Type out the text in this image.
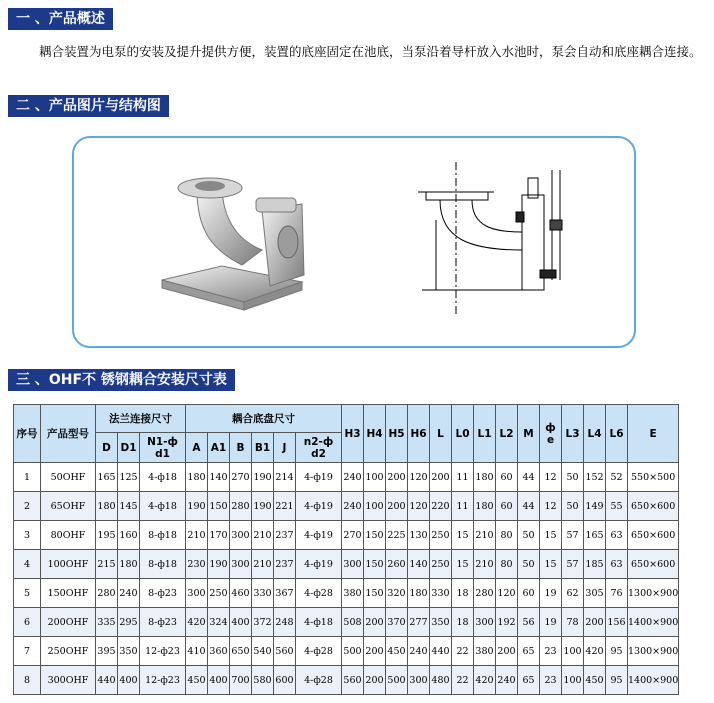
一 、产品概述
　　耦合装置为电泵的安装及提升提供方便，装置的底座固定在池底，当泵沿着导杆放入水池时，泵会自动和底座耦合连接。
二 、产品图片与结构图
三 、OHF不 锈钢耦合安装尺寸表
序号	产品型号	法兰连接尺寸			耦合底盘尺寸						H3	H4	H5	H6	L	L0	L1	L2	M	ф e	L3	L4	L6	E
		D	D1	N1-ф d1	A	A1	B	B1	J	n2-ф d2														
1	50OHF	165	125	4-ф18	180	140	270	190	214	4-ф19	240	100	200	120	200	11	180	60	44	12	50	152	52	550×500
2	65OHF	180	145	4-ф18	190	150	280	190	221	4-ф19	240	100	200	120	220	11	180	60	44	12	50	149	55	650×600
3	80OHF	195	160	8-ф18	210	170	300	210	237	4-ф19	270	150	225	130	250	15	210	80	50	15	57	165	63	650×600
4	100OHF	215	180	8-ф18	230	190	300	210	237	4-ф19	300	150	260	140	250	15	210	80	50	15	57	185	63	650×600
5	150OHF	280	240	8-ф23	300	250	460	330	367	4-ф28	380	150	320	180	330	18	280	120	60	19	62	305	76	1300×900
6	200OHF	335	295	8-ф23	420	324	400	372	248	4-ф18	508	200	370	277	350	18	300	192	56	19	78	200	156	1400×900
7	250OHF	395	350	12-ф23	410	360	650	540	560	4-ф28	500	200	450	240	440	22	380	200	65	23	100	420	95	1300×900
8	300OHF	440	400	12-ф23	450	400	700	580	600	4-ф28	560	200	500	300	480	22	420	240	65	23	100	450	95	1400×900
